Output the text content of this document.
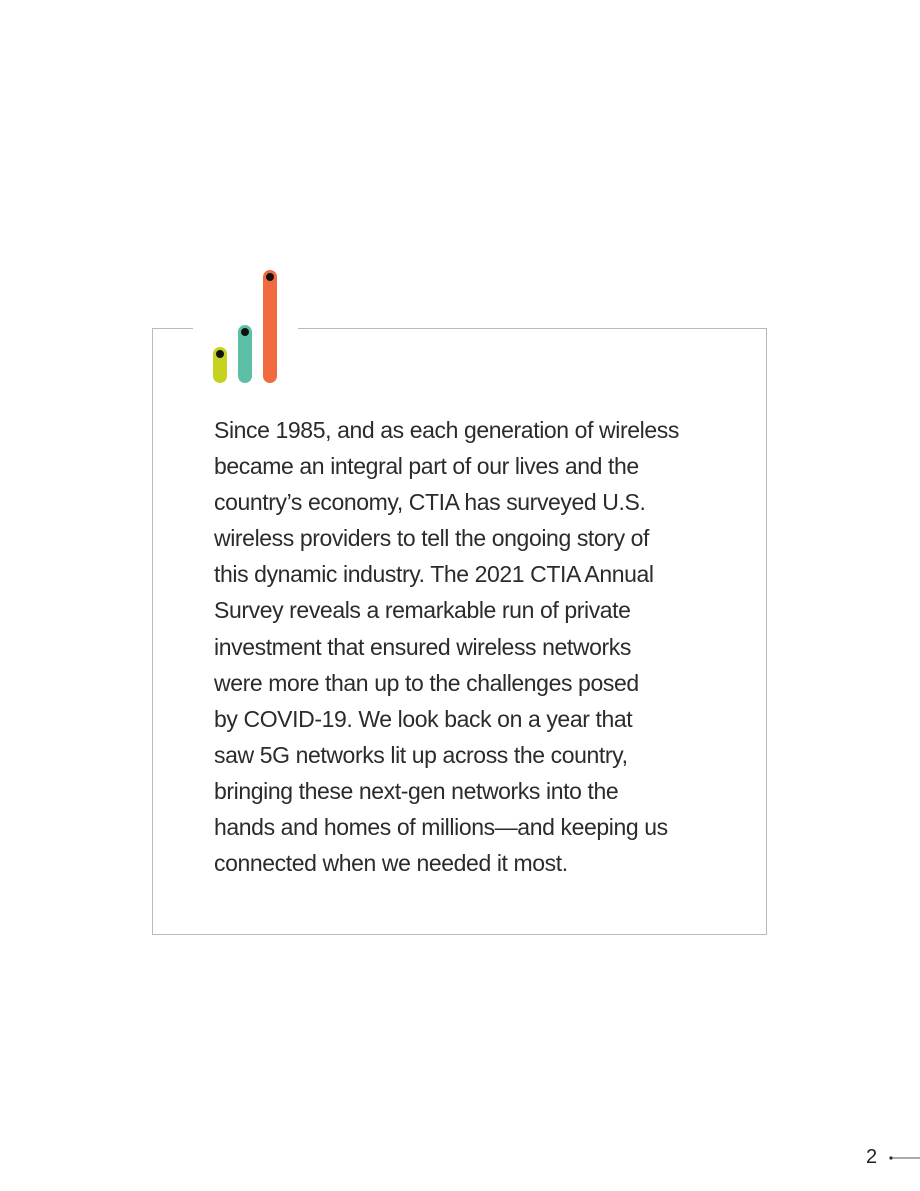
Since 1985, and as each generation of wireless
became an integral part of our lives and the
country’s economy, CTIA has surveyed U.S.
wireless providers to tell the ongoing story of
this dynamic industry. The 2021 CTIA Annual
Survey reveals a remarkable run of private
investment that ensured wireless networks
were more than up to the challenges posed
by COVID-19. We look back on a year that
saw 5G networks lit up across the country,
bringing these next-gen networks into the
hands and homes of millions—and keeping us
connected when we needed it most.

2
